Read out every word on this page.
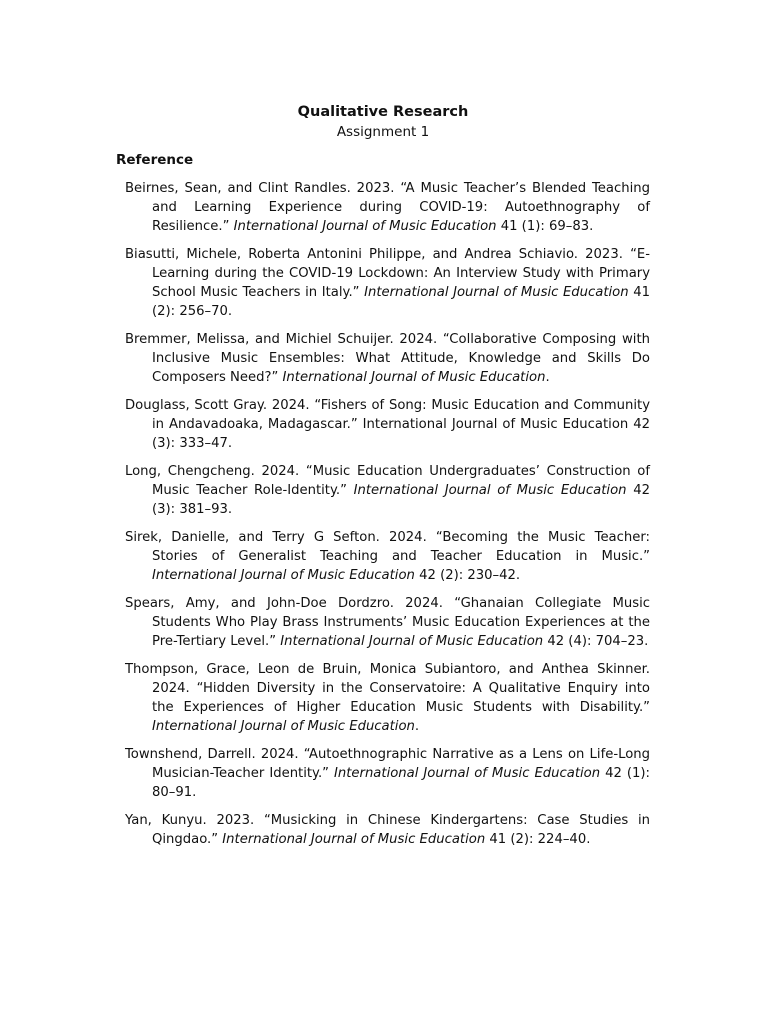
Qualitative Research
Assignment 1
Reference

Beirnes, Sean, and Clint Randles. 2023. “A Music Teacher’s Blended Teaching and Learning Experience during COVID-19: Autoethnography of Resilience.” International Journal of Music Education 41 (1): 69–83.

Biasutti, Michele, Roberta Antonini Philippe, and Andrea Schiavio. 2023. “E-Learning during the COVID-19 Lockdown: An Interview Study with Primary School Music Teachers in Italy.” International Journal of Music Education 41 (2): 256–70.

Bremmer, Melissa, and Michiel Schuijer. 2024. “Collaborative Composing with Inclusive Music Ensembles: What Attitude, Knowledge and Skills Do Composers Need?” International Journal of Music Education.

Douglass, Scott Gray. 2024. “Fishers of Song: Music Education and Community in Andavadoaka, Madagascar.” International Journal of Music Education 42 (3): 333–47.

Long, Chengcheng. 2024. “Music Education Undergraduates’ Construction of Music Teacher Role-Identity.” International Journal of Music Education 42 (3): 381–93.

Sirek, Danielle, and Terry G Sefton. 2024. “Becoming the Music Teacher: Stories of Generalist Teaching and Teacher Education in Music.” International Journal of Music Education 42 (2): 230–42.

Spears, Amy, and John-Doe Dordzro. 2024. “Ghanaian Collegiate Music Students Who Play Brass Instruments’ Music Education Experiences at the Pre-Tertiary Level.” International Journal of Music Education 42 (4): 704–23.

Thompson, Grace, Leon de Bruin, Monica Subiantoro, and Anthea Skinner. 2024. “Hidden Diversity in the Conservatoire: A Qualitative Enquiry into the Experiences of Higher Education Music Students with Disability.” International Journal of Music Education.

Townshend, Darrell. 2024. “Autoethnographic Narrative as a Lens on Life-Long Musician-Teacher Identity.” International Journal of Music Education 42 (1): 80–91.

Yan, Kunyu. 2023. “Musicking in Chinese Kindergartens: Case Studies in Qingdao.” International Journal of Music Education 41 (2): 224–40.
